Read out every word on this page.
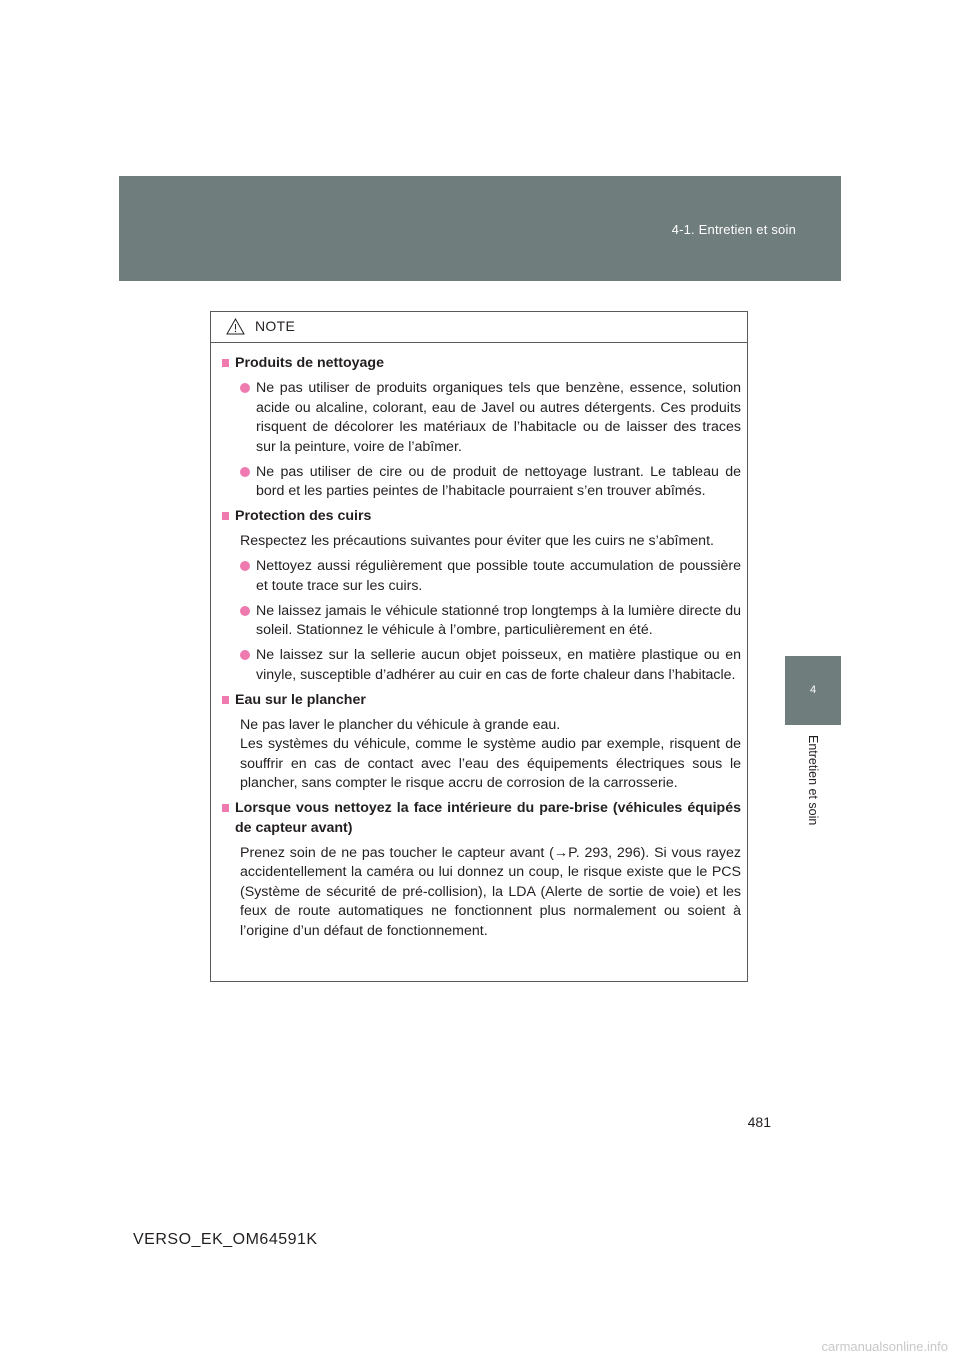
4-1. Entretien et soin
4
Entretien et soin
NOTE
Produits de nettoyage
Ne pas utiliser de produits organiques tels que benzène, essence, solution acide ou alcaline, colorant, eau de Javel ou autres détergents. Ces produits risquent de décolorer les matériaux de l’habitacle ou de laisser des traces sur la peinture, voire de l’abîmer.
Ne pas utiliser de cire ou de produit de nettoyage lustrant. Le tableau de bord et les parties peintes de l’habitacle pourraient s’en trouver abîmés.
Protection des cuirs
Respectez les précautions suivantes pour éviter que les cuirs ne s’abîment.
Nettoyez aussi régulièrement que possible toute accumulation de poussière et toute trace sur les cuirs.
Ne laissez jamais le véhicule stationné trop longtemps à la lumière directe du soleil. Stationnez le véhicule à l’ombre, particulièrement en été.
Ne laissez sur la sellerie aucun objet poisseux, en matière plastique ou en vinyle, susceptible d’adhérer au cuir en cas de forte chaleur dans l’habitacle.
Eau sur le plancher
Ne pas laver le plancher du véhicule à grande eau.
Les systèmes du véhicule, comme le système audio par exemple, risquent de souffrir en cas de contact avec l’eau des équipements électriques sous le plancher, sans compter le risque accru de corrosion de la carrosserie.
Lorsque vous nettoyez la face intérieure du pare-brise (véhicules équipés de capteur avant)
Prenez soin de ne pas toucher le capteur avant (→P. 293, 296). Si vous rayez accidentellement la caméra ou lui donnez un coup, le risque existe que le PCS (Système de sécurité de pré-collision), la LDA (Alerte de sortie de voie) et les feux de route automatiques ne fonctionnent plus normalement ou soient à l’origine d’un défaut de fonctionnement.
481
VERSO_EK_OM64591K
carmanualsonline.info
